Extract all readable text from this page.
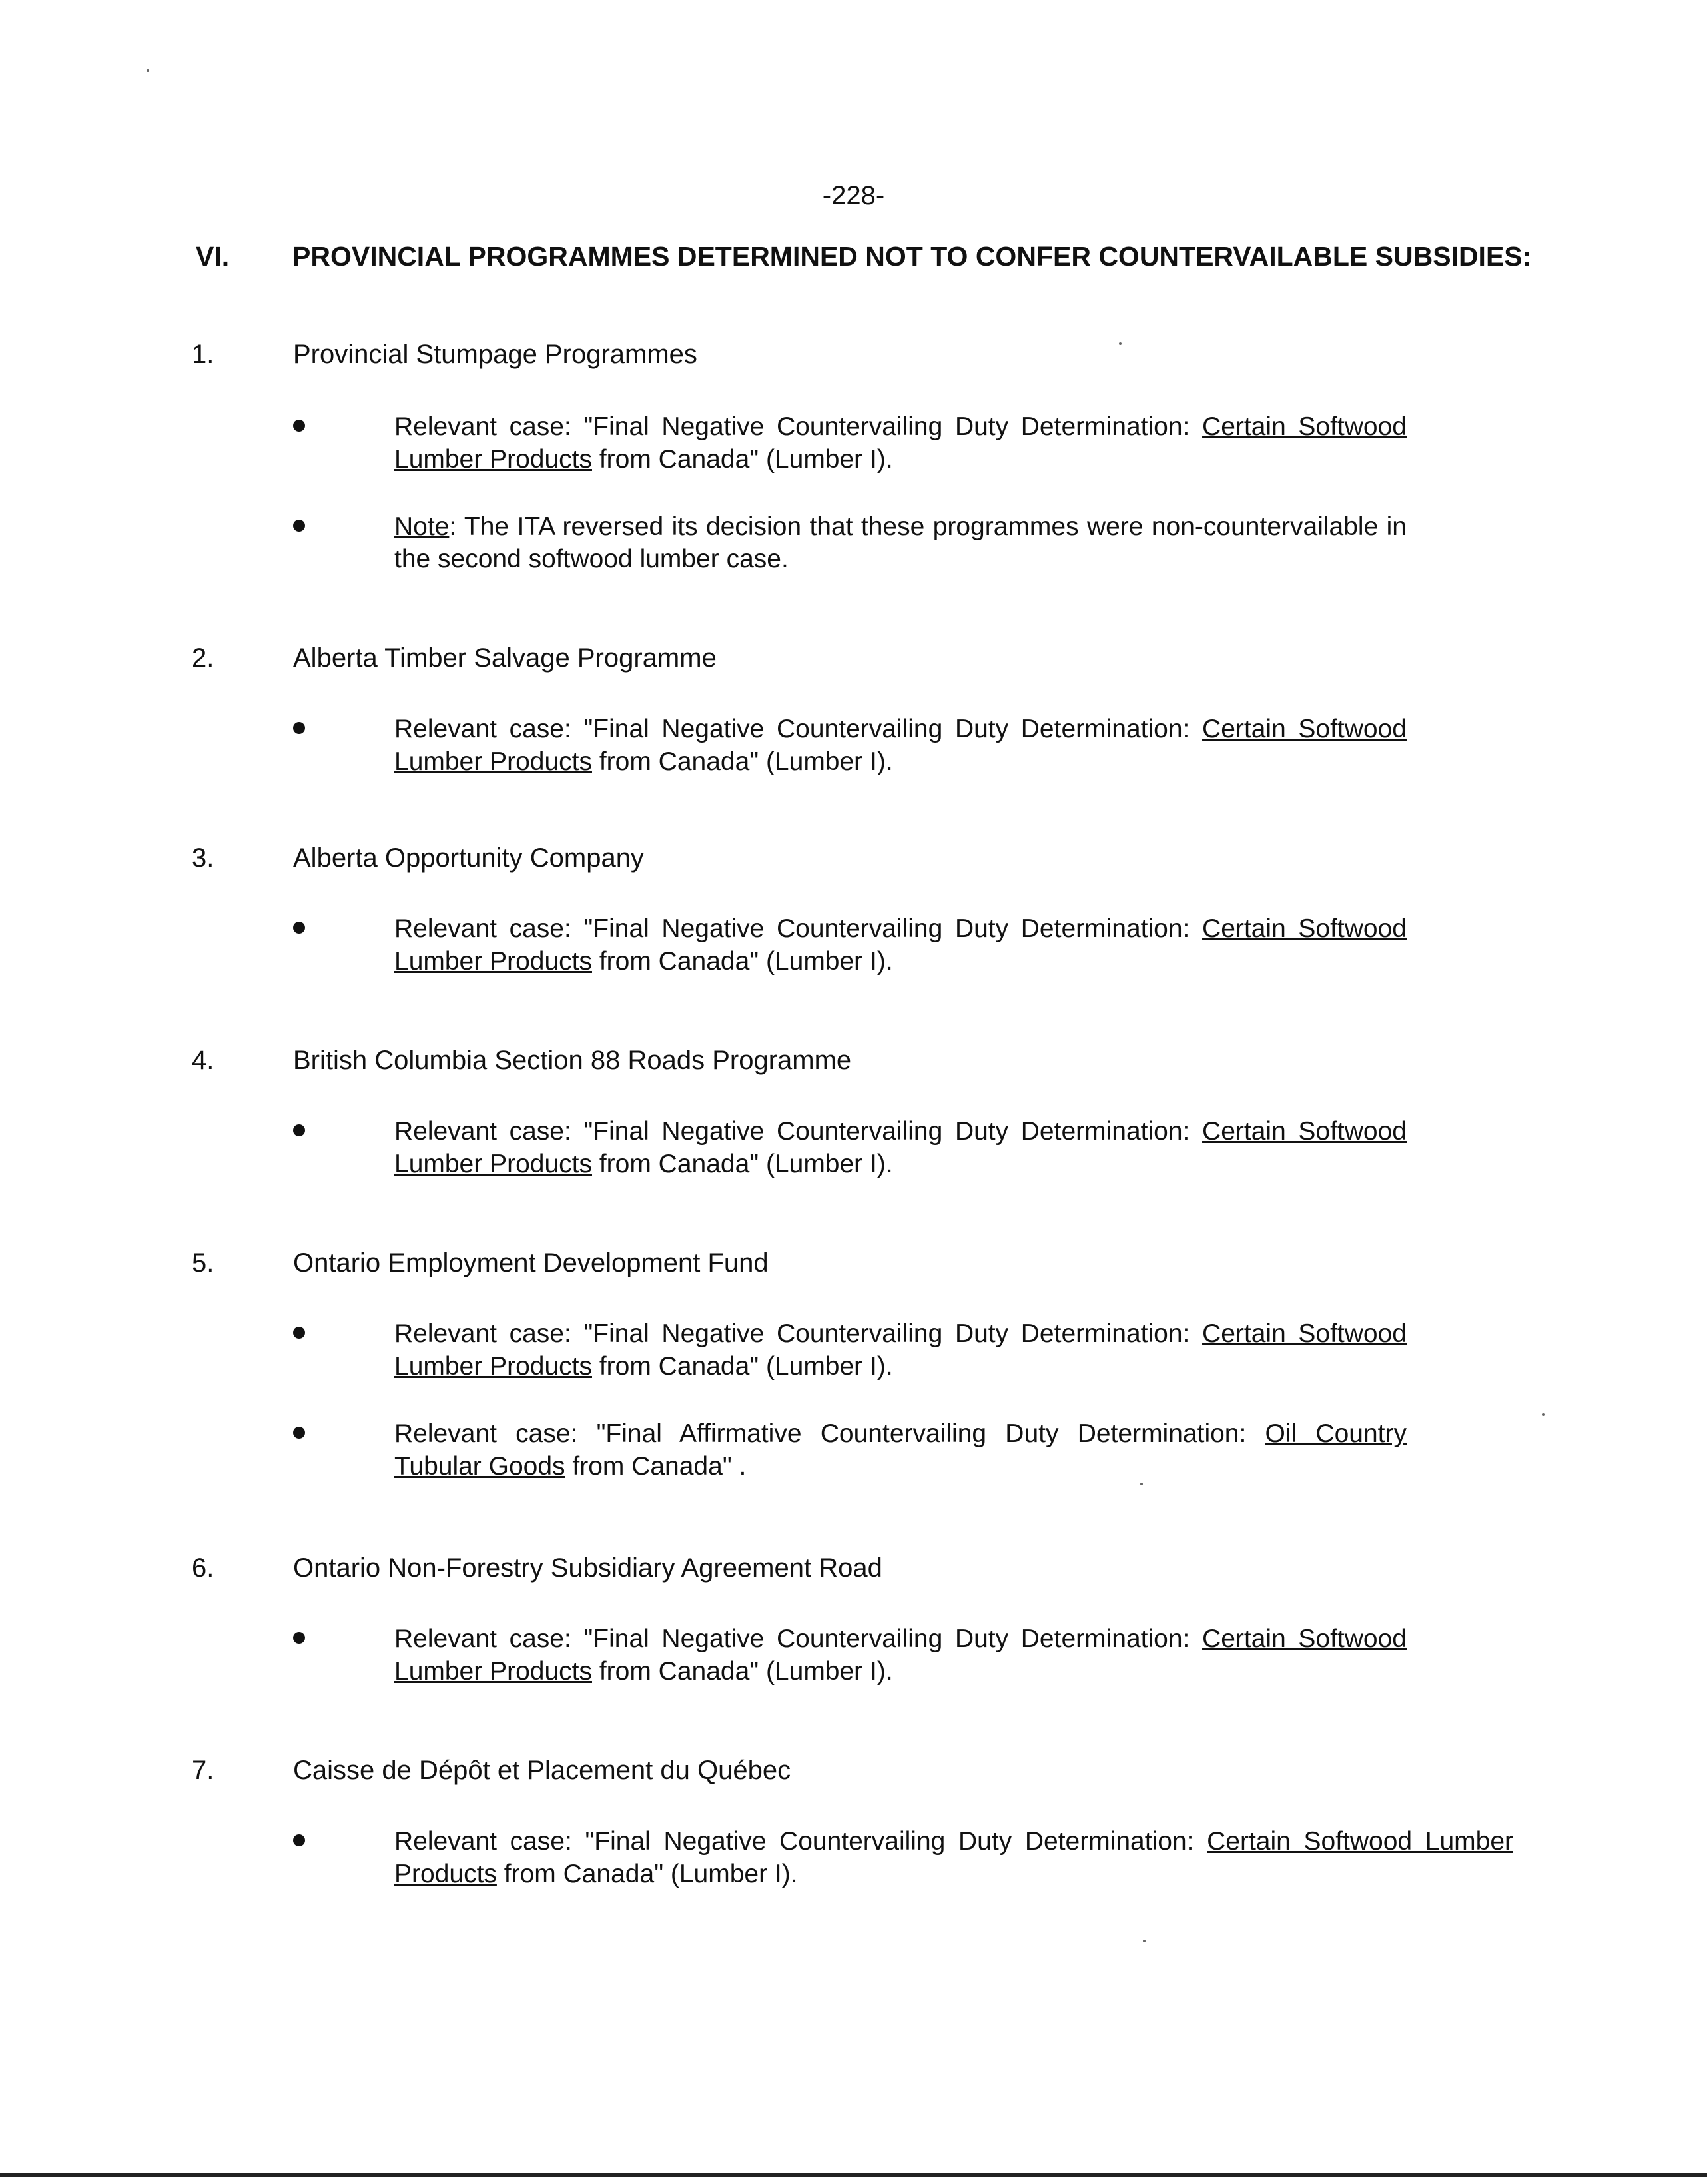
-228-
VI. PROVINCIAL PROGRAMMES DETERMINED NOT TO CONFER COUNTERVAILABLE SUBSIDIES:
1.	Provincial Stumpage Programmes
Relevant case: "Final Negative Countervailing Duty Determination: Certain Softwood Lumber Products from Canada" (Lumber I).
Note: The ITA reversed its decision that these programmes were non-countervailable in the second softwood lumber case.
2.	Alberta Timber Salvage Programme
Relevant case: "Final Negative Countervailing Duty Determination: Certain Softwood Lumber Products from Canada" (Lumber I).
3.	Alberta Opportunity Company
Relevant case: "Final Negative Countervailing Duty Determination: Certain Softwood Lumber Products from Canada" (Lumber I).
4.	British Columbia Section 88 Roads Programme
Relevant case: "Final Negative Countervailing Duty Determination: Certain Softwood Lumber Products from Canada" (Lumber I).
5.	Ontario Employment Development Fund
Relevant case: "Final Negative Countervailing Duty Determination: Certain Softwood Lumber Products from Canada" (Lumber I).
Relevant case: "Final Affirmative Countervailing Duty Determination: Oil Country Tubular Goods from Canada" .
6.	Ontario Non-Forestry Subsidiary Agreement Road
Relevant case: "Final Negative Countervailing Duty Determination: Certain Softwood Lumber Products from Canada" (Lumber I).
7.	Caisse de Dépôt et Placement du Québec
Relevant case: "Final Negative Countervailing Duty Determination: Certain Softwood Lumber Products from Canada" (Lumber I).
